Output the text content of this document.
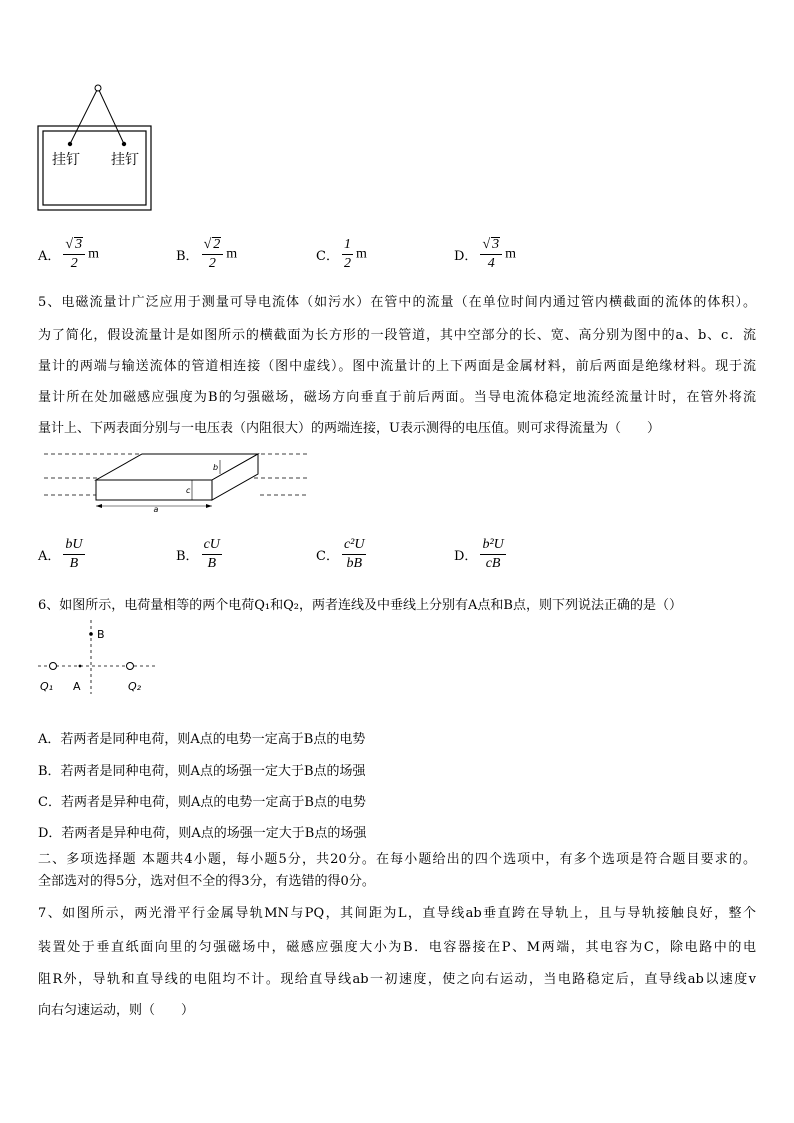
挂钉 挂钉
A． $\frac{√ 3}{2}$ m	B． $\frac{√ 2}{2}$ m	C． $\frac{1}{2}$ m	D． $\frac{√ 3}{4}$ m
5、电磁流量计广泛应用于测量可导电流体（如污水）在管中的流量（在单位时间内通过管内横截面的流体的体积）。
为了简化，假设流量计是如图所示的横截面为长方形的一段管道，其中空部分的长、宽、高分别为图中的a、b、c．流
量计的两端与输送流体的管道相连接（图中虚线）。图中流量计的上下两面是金属材料，前后两面是绝缘材料。现于流
量计所在处加磁感应强度为B的匀强磁场，磁场方向垂直于前后两面。当导电流体稳定地流经流量计时，在管外将流
量计上、下两表面分别与一电压表（内阻很大）的两端连接，U表示测得的电压值。则可求得流量为（　　）
a
b
c
A． $\frac{bU}{B}$	B． $\frac{cU}{B}$	C． $\frac{\text{c²U}}{bB}$	D． $\frac{\text{b²U}}{cB}$
6、如图所示，电荷量相等的两个电荷Q₁和Q₂，两者连线及中垂线上分别有A点和B点，则下列说法正确的是（）
B
A
Q₁	Q₂
A．若两者是同种电荷，则A点的电势一定高于B点的电势
B．若两者是同种电荷，则A点的场强一定大于B点的场强
C．若两者是异种电荷，则A点的电势一定高于B点的电势
D．若两者是异种电荷，则A点的场强一定大于B点的场强
二、多项选择题 本题共4小题，每小题5分，共20分。在每小题给出的四个选项中，有多个选项是符合题目要求的。
全部选对的得5分，选对但不全的得3分，有选错的得0分。
7、如图所示，两光滑平行金属导轨MN与PQ，其间距为L，直导线ab垂直跨在导轨上，且与导轨接触良好，整个
装置处于垂直纸面向里的匀强磁场中，磁感应强度大小为B．电容器接在P、M两端，其电容为C，除电路中的电
阻R外，导轨和直导线的电阻均不计。现给直导线ab一初速度，使之向右运动，当电路稳定后，直导线ab以速度v
向右匀速运动，则（　　）
